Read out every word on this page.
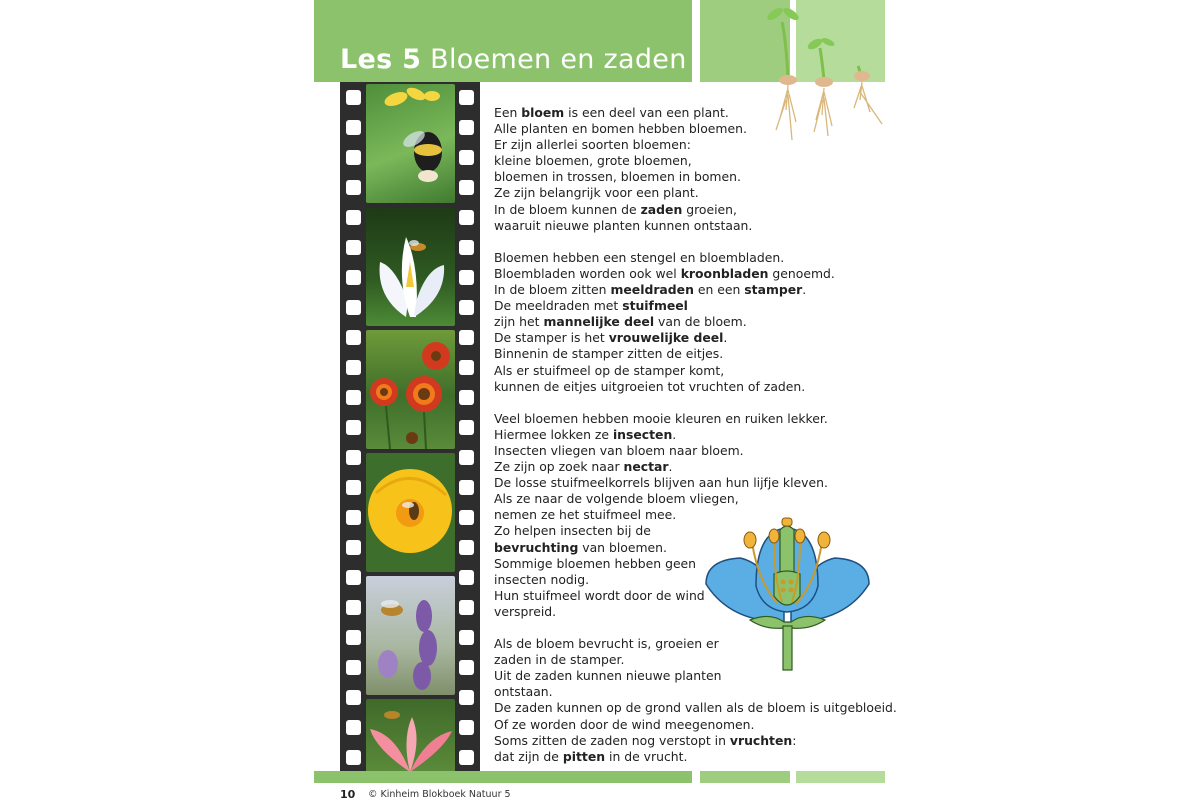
Les 5 Bloemen en zaden

Een bloem is een deel van een plant.
Alle planten en bomen hebben bloemen.
Er zijn allerlei soorten bloemen:
kleine bloemen, grote bloemen,
bloemen in trossen, bloemen in bomen.
Ze zijn belangrijk voor een plant.
In de bloem kunnen de zaden groeien,
waaruit nieuwe planten kunnen ontstaan.

Bloemen hebben een stengel en bloembladen.
Bloembladen worden ook wel kroonbladen genoemd.
In de bloem zitten meeldraden en een stamper.
De meeldraden met stuifmeel
zijn het mannelijke deel van de bloem.
De stamper is het vrouwelijke deel.
Binnenin de stamper zitten de eitjes.
Als er stuifmeel op de stamper komt,
kunnen de eitjes uitgroeien tot vruchten of zaden.

Veel bloemen hebben mooie kleuren en ruiken lekker.
Hiermee lokken ze insecten.
Insecten vliegen van bloem naar bloem.
Ze zijn op zoek naar nectar.
De losse stuifmeelkorrels blijven aan hun lijfje kleven.
Als ze naar de volgende bloem vliegen,
nemen ze het stuifmeel mee.
Zo helpen insecten bij de
bevruchting van bloemen.
Sommige bloemen hebben geen
insecten nodig.
Hun stuifmeel wordt door de wind
verspreid.

Als de bloem bevrucht is, groeien er
zaden in de stamper.
Uit de zaden kunnen nieuwe planten
ontstaan.
De zaden kunnen op de grond vallen als de bloem is uitgebloeid.
Of ze worden door de wind meegenomen.
Soms zitten de zaden nog verstopt in vruchten:
dat zijn de pitten in de vrucht.

10 © Kinheim Blokboek Natuur 5
